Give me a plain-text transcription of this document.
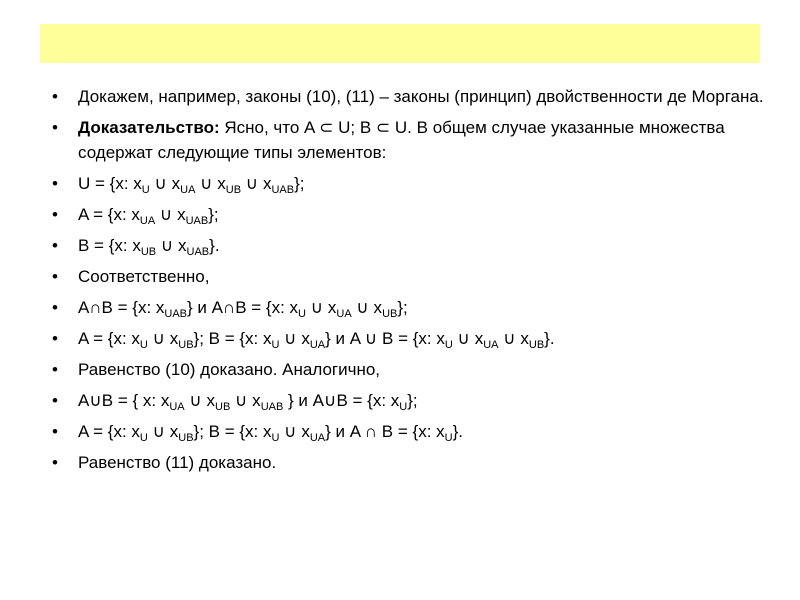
• Докажем, например, законы (10), (11) – законы (принцип) двойственности де Моргана.
• Доказательство: Ясно, что A ⊂ U; B ⊂ U. В общем случае указанные множества содержат следующие типы элементов:
• U = {x: $x_U$ ∪ $x_{UA}$ ∪ $x_{UB}$ ∪ $x_{UAB}$};
• A = {x: $x_{UA}$ ∪ $x_{UAB}$};
• B = {x: $x_{UB}$ ∪ $x_{UAB}$}.
• Соответственно,
• A∩B = {x: $x_{UAB}$} и A∩B = {x: $x_U$ ∪ $x_{UA}$ ∪ $x_{UB}$};
• A = {x: $x_U$ ∪ $x_{UB}$}; B = {x: $x_U$ ∪ $x_{UA}$} и A ∪ B = {x: $x_U$ ∪ $x_{UA}$ ∪ $x_{UB}$}.
• Равенство (10) доказано. Аналогично,
• A∪B = { x: $x_{UA}$ ∪ $x_{UB}$ ∪ $x_{UAB}$ } и A∪B = {x: $x_U$};
• A = {x: $x_U$ ∪ $x_{UB}$}; B = {x: $x_U$ ∪ $x_{UA}$} и A ∩ B = {x: $x_U$}.
• Равенство (11) доказано.
